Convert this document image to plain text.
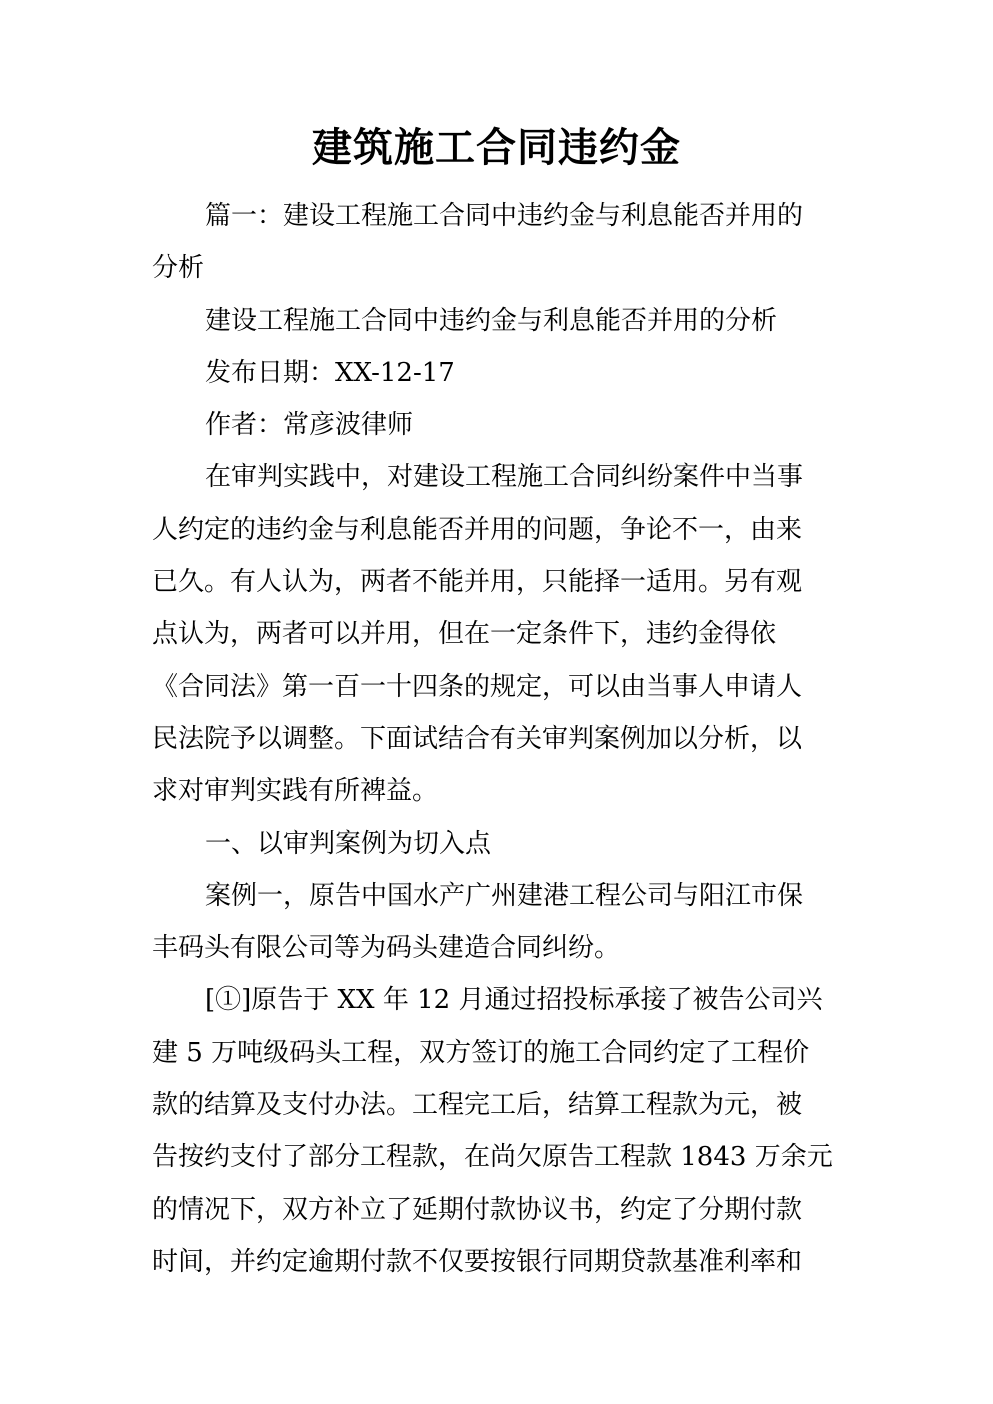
建筑施工合同违约金
篇一：建设工程施工合同中违约金与利息能否并用的
分析
建设工程施工合同中违约金与利息能否并用的分析
发布日期：XX-12-17
作者：常彦波律师
在审判实践中，对建设工程施工合同纠纷案件中当事
人约定的违约金与利息能否并用的问题，争论不一，由来
已久。有人认为，两者不能并用，只能择一适用。另有观
点认为，两者可以并用，但在一定条件下，违约金得依
《合同法》第一百一十四条的规定，可以由当事人申请人
民法院予以调整。下面试结合有关审判案例加以分析，以
求对审判实践有所裨益。
一、以审判案例为切入点
案例一，原告中国水产广州建港工程公司与阳江市保
丰码头有限公司等为码头建造合同纠纷。
[①]原告于 XX 年 12 月通过招投标承接了被告公司兴
建 5 万吨级码头工程，双方签订的施工合同约定了工程价
款的结算及支付办法。工程完工后，结算工程款为元，被
告按约支付了部分工程款，在尚欠原告工程款 1843 万余元
的情况下，双方补立了延期付款协议书，约定了分期付款
时间，并约定逾期付款不仅要按银行同期贷款基准利率和
